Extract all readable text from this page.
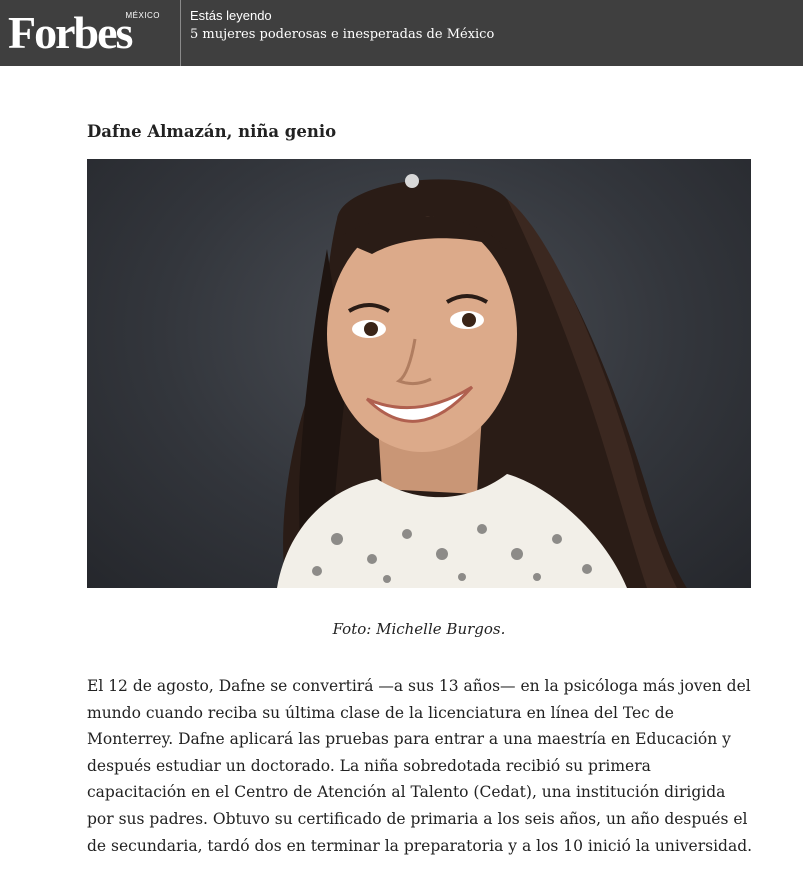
Forbes
MÉXICO Estás leyendo
5 mujeres poderosas e inesperadas de México
Dafne Almazán, niña genio

Foto: Michelle Burgos.

El 12 de agosto, Dafne se convertirá —a sus 13 años— en la psicóloga más joven del
mundo cuando reciba su última clase de la licenciatura en línea del Tec de
Monterrey. Dafne aplicará las pruebas para entrar a una maestría en Educación y
después estudiar un doctorado. La niña sobredotada recibió su primera
capacitación en el Centro de Atención al Talento (Cedat), una institución dirigida
por sus padres. Obtuvo su certificado de primaria a los seis años, un año después el
de secundaria, tardó dos en terminar la preparatoria y a los 10 inició la universidad.
